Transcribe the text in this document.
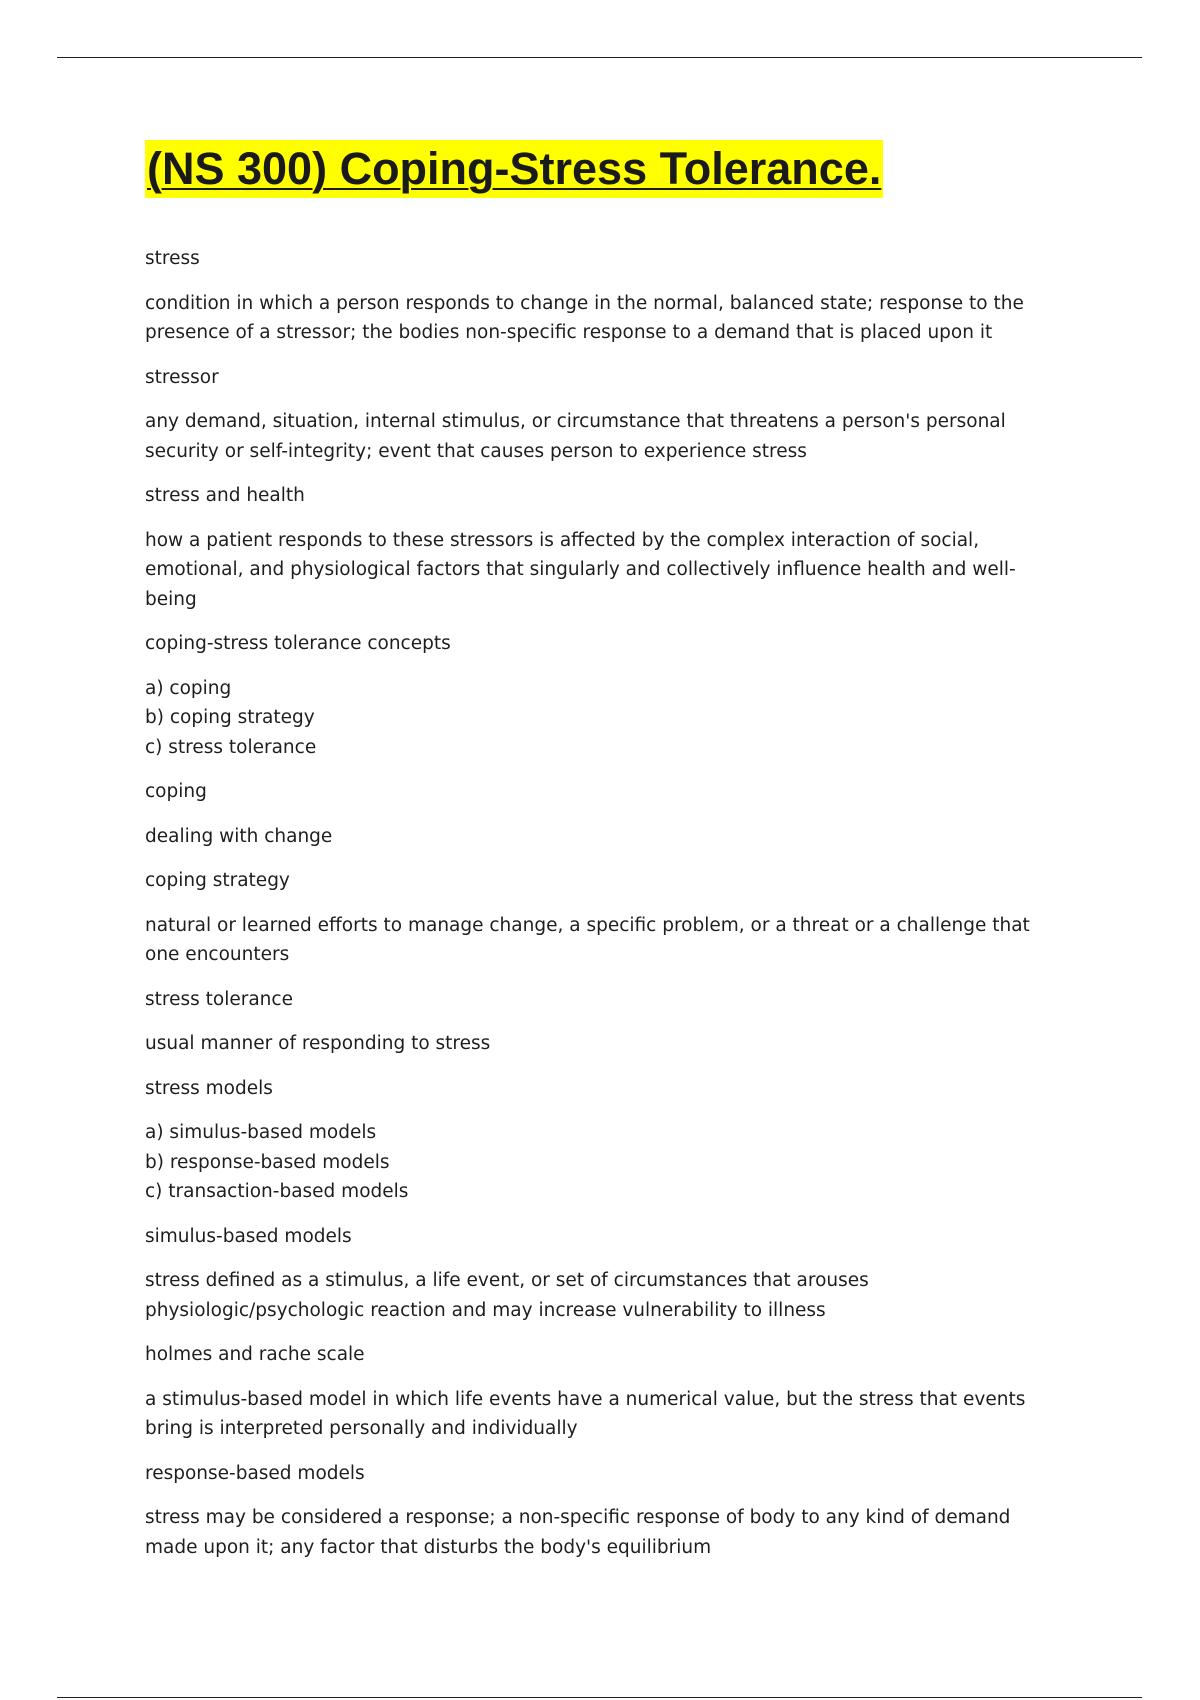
(NS 300) Coping-Stress Tolerance.

stress

condition in which a person responds to change in the normal, balanced state; response to the presence of a stressor; the bodies non-specific response to a demand that is placed upon it

stressor

any demand, situation, internal stimulus, or circumstance that threatens a person's personal security or self-integrity; event that causes person to experience stress

stress and health

how a patient responds to these stressors is affected by the complex interaction of social, emotional, and physiological factors that singularly and collectively influence health and well-being

coping-stress tolerance concepts

a) coping
b) coping strategy
c) stress tolerance

coping

dealing with change

coping strategy

natural or learned efforts to manage change, a specific problem, or a threat or a challenge that one encounters

stress tolerance

usual manner of responding to stress

stress models

a) simulus-based models
b) response-based models
c) transaction-based models

simulus-based models

stress defined as a stimulus, a life event, or set of circumstances that arouses physiologic/psychologic reaction and may increase vulnerability to illness

holmes and rache scale

a stimulus-based model in which life events have a numerical value, but the stress that events bring is interpreted personally and individually

response-based models

stress may be considered a response; a non-specific response of body to any kind of demand made upon it; any factor that disturbs the body's equilibrium
